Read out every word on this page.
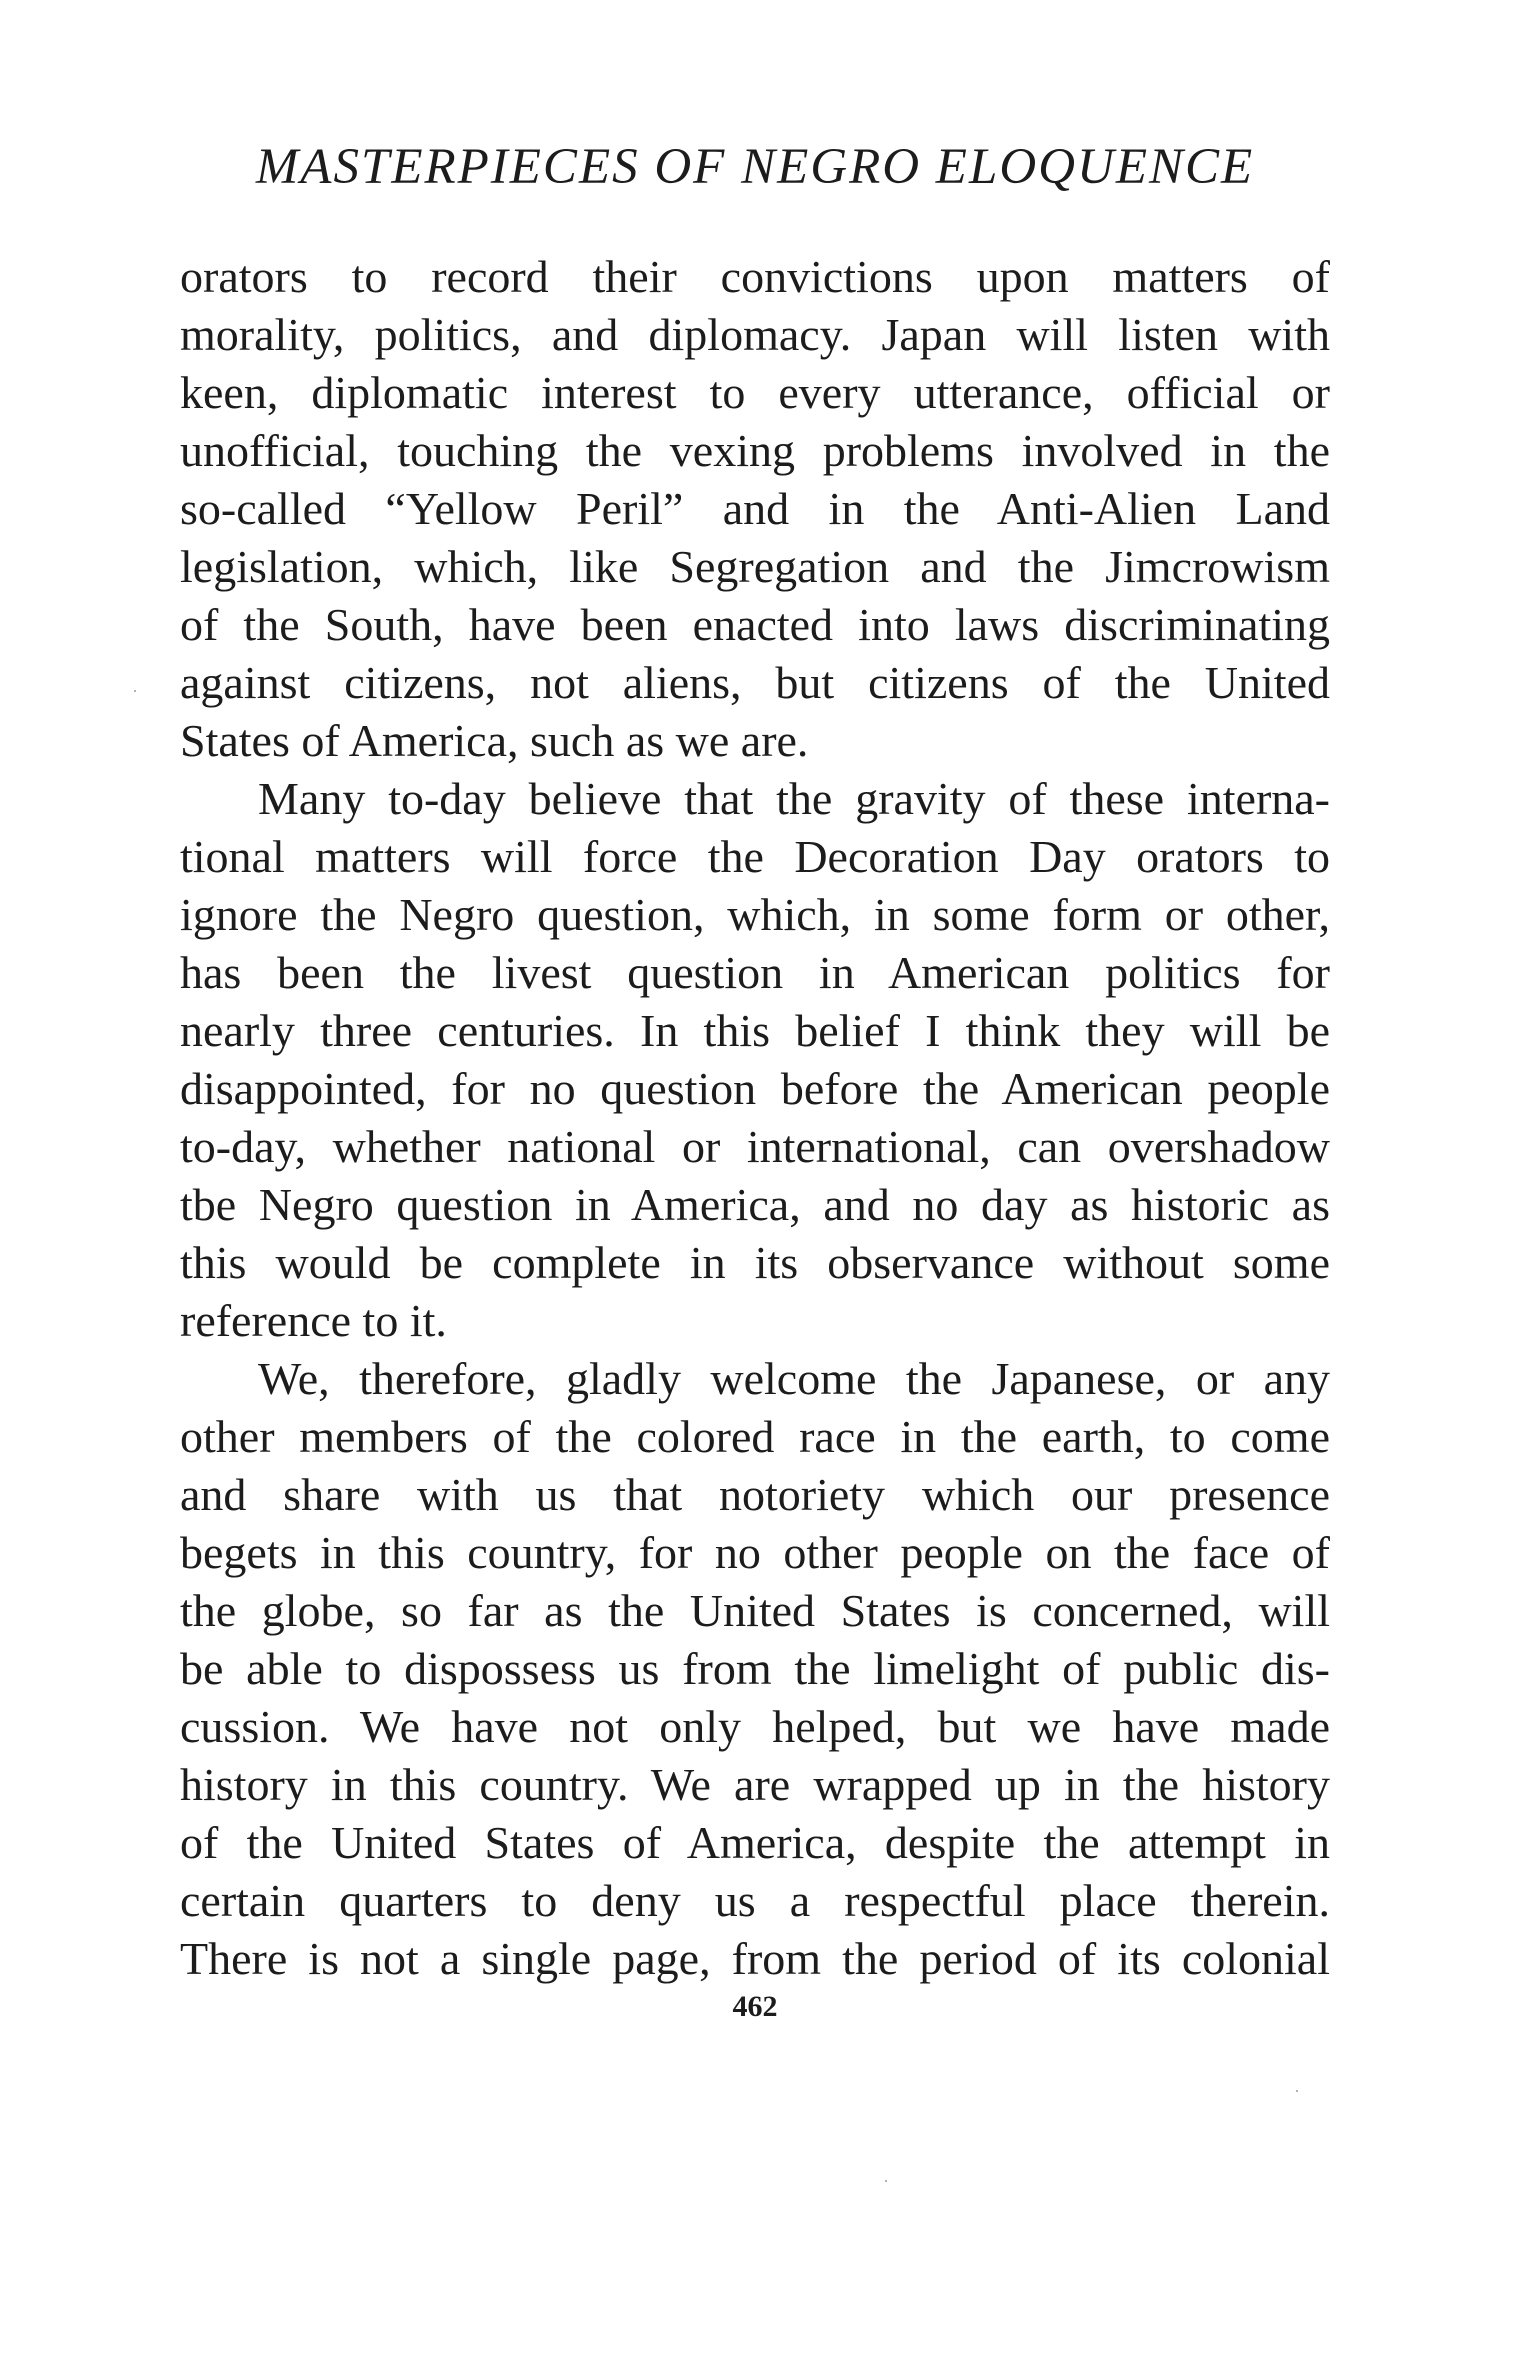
MASTERPIECES OF NEGRO ELOQUENCE
orators to record their convictions upon matters of
morality, politics, and diplomacy. Japan will listen with
keen, diplomatic interest to every utterance, official or
unofficial, touching the vexing problems involved in the
so-called “Yellow Peril” and in the Anti-Alien Land
legislation, which, like Segregation and the Jimcrowism
of the South, have been enacted into laws discriminating
against citizens, not aliens, but citizens of the United
States of America, such as we are.
Many to-day believe that the gravity of these interna-
tional matters will force the Decoration Day orators to
ignore the Negro question, which, in some form or other,
has been the livest question in American politics for
nearly three centuries. In this belief I think they will be
disappointed, for no question before the American people
to-day, whether national or international, can overshadow
tbe Negro question in America, and no day as historic as
this would be complete in its observance without some
reference to it.
We, therefore, gladly welcome the Japanese, or any
other members of the colored race in the earth, to come
and share with us that notoriety which our presence
begets in this country, for no other people on the face of
the globe, so far as the United States is concerned, will
be able to dispossess us from the limelight of public dis-
cussion. We have not only helped, but we have made
history in this country. We are wrapped up in the history
of the United States of America, despite the attempt in
certain quarters to deny us a respectful place therein.
There is not a single page, from the period of its colonial
462
